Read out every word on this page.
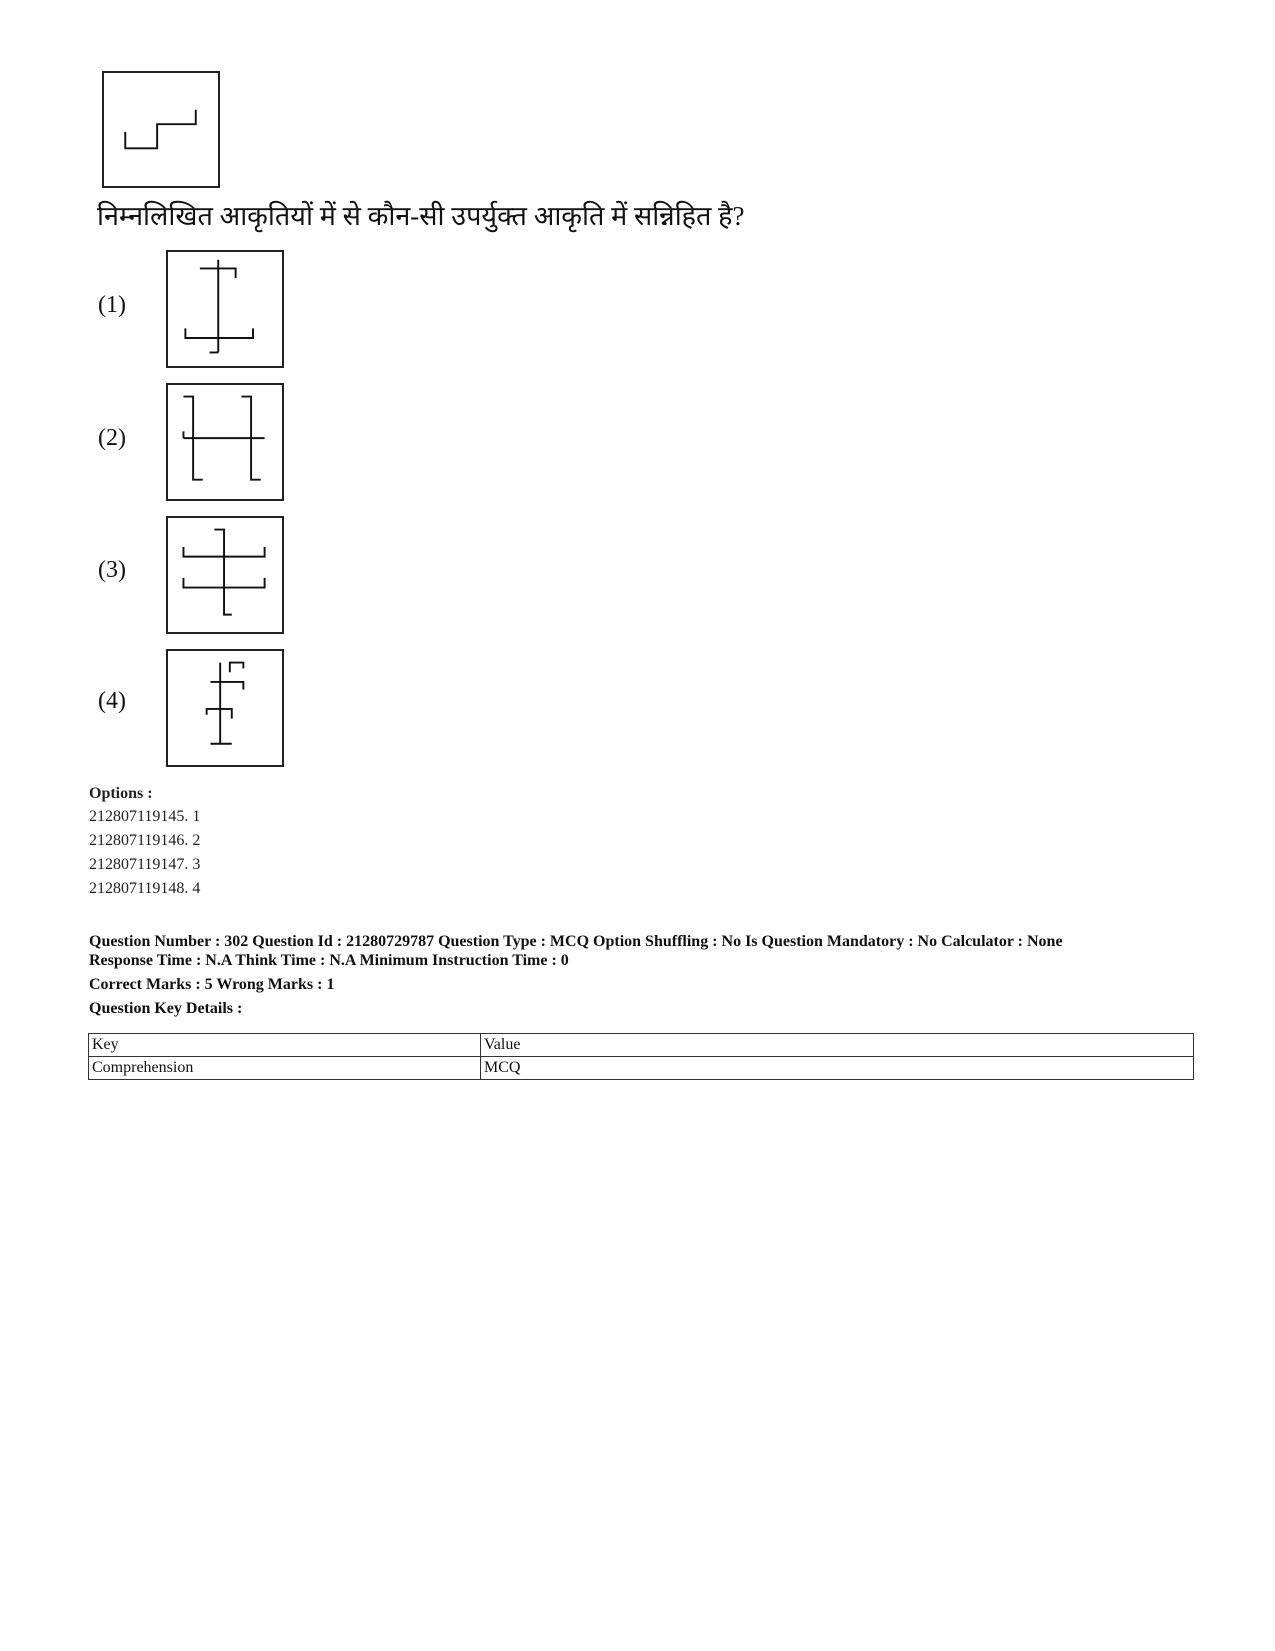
निम्नलिखित आकृतियों में से कौन-सी उपर्युक्त आकृति में सन्निहित है?
(1)
(2)
(3)
(4)
Options :
212807119145. 1
212807119146. 2
212807119147. 3
212807119148. 4
Question Number : 302 Question Id : 21280729787 Question Type : MCQ Option Shuffling : No Is Question Mandatory : No Calculator : None
Response Time : N.A Think Time : N.A Minimum Instruction Time : 0
Correct Marks : 5 Wrong Marks : 1
Question Key Details :
Key	Value
Comprehension	MCQ
